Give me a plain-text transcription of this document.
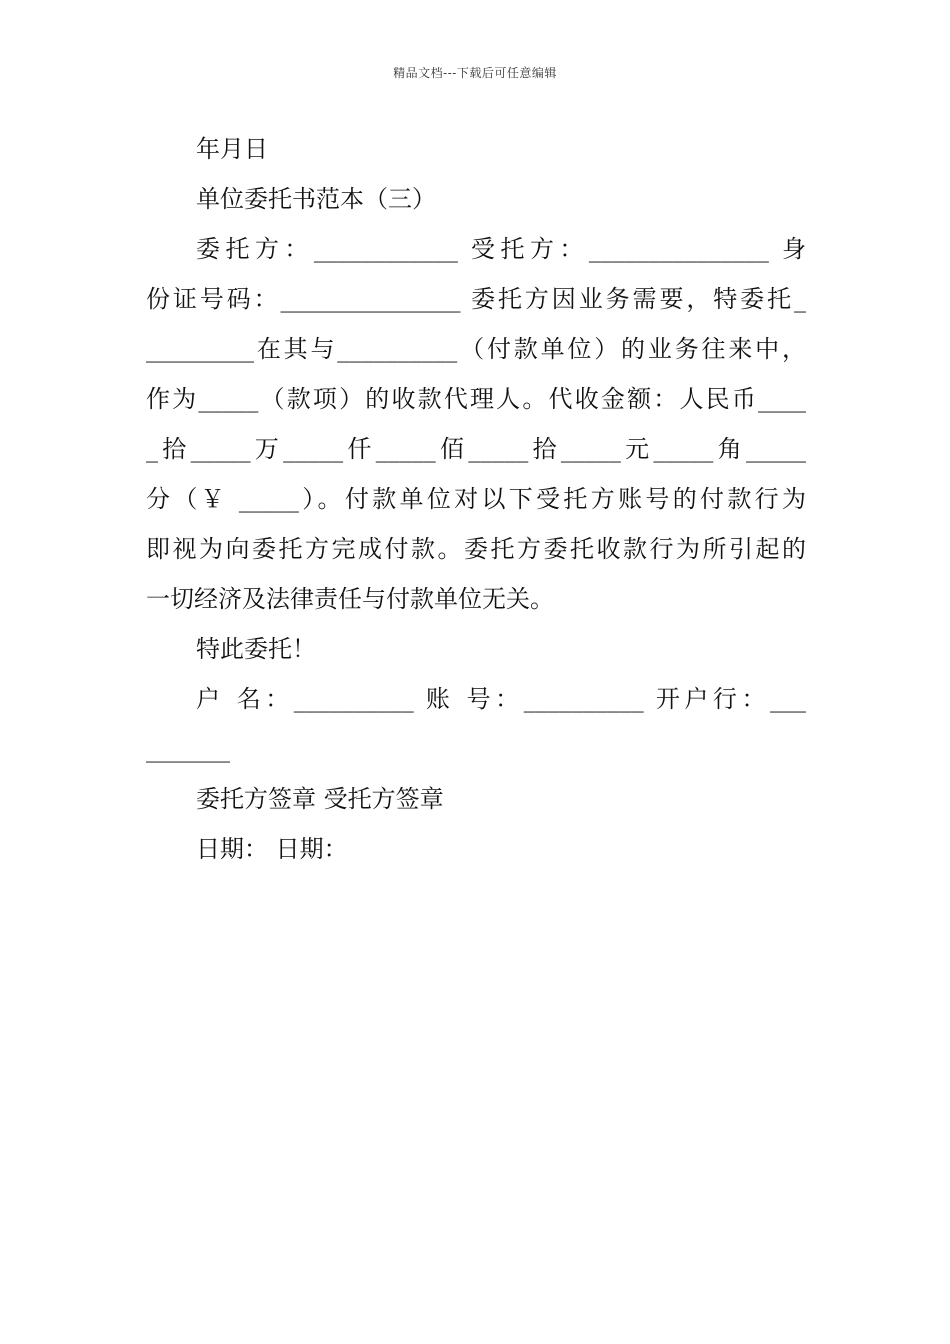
精品文档---下载后可任意编辑
年月日
单位委托书范本（三）
委托方：____________ 受托方：_______________ 身
份证号码：_______________ 委托方因业务需要，特委托_
_________在其与__________（付款单位）的业务往来中，
作为_____（款项）的收款代理人。代收金额：人民币____
_拾_____万_____仟_____佰_____拾_____元_____角_____
分（￥ _____）。付款单位对以下受托方账号的付款行为
即视为向委托方完成付款。委托方委托收款行为所引起的
一切经济及法律责任与付款单位无关。
特此委托！
户 名：__________ 账 号：__________ 开户行：___
_______
委托方签章 受托方签章
日期： 日期：
